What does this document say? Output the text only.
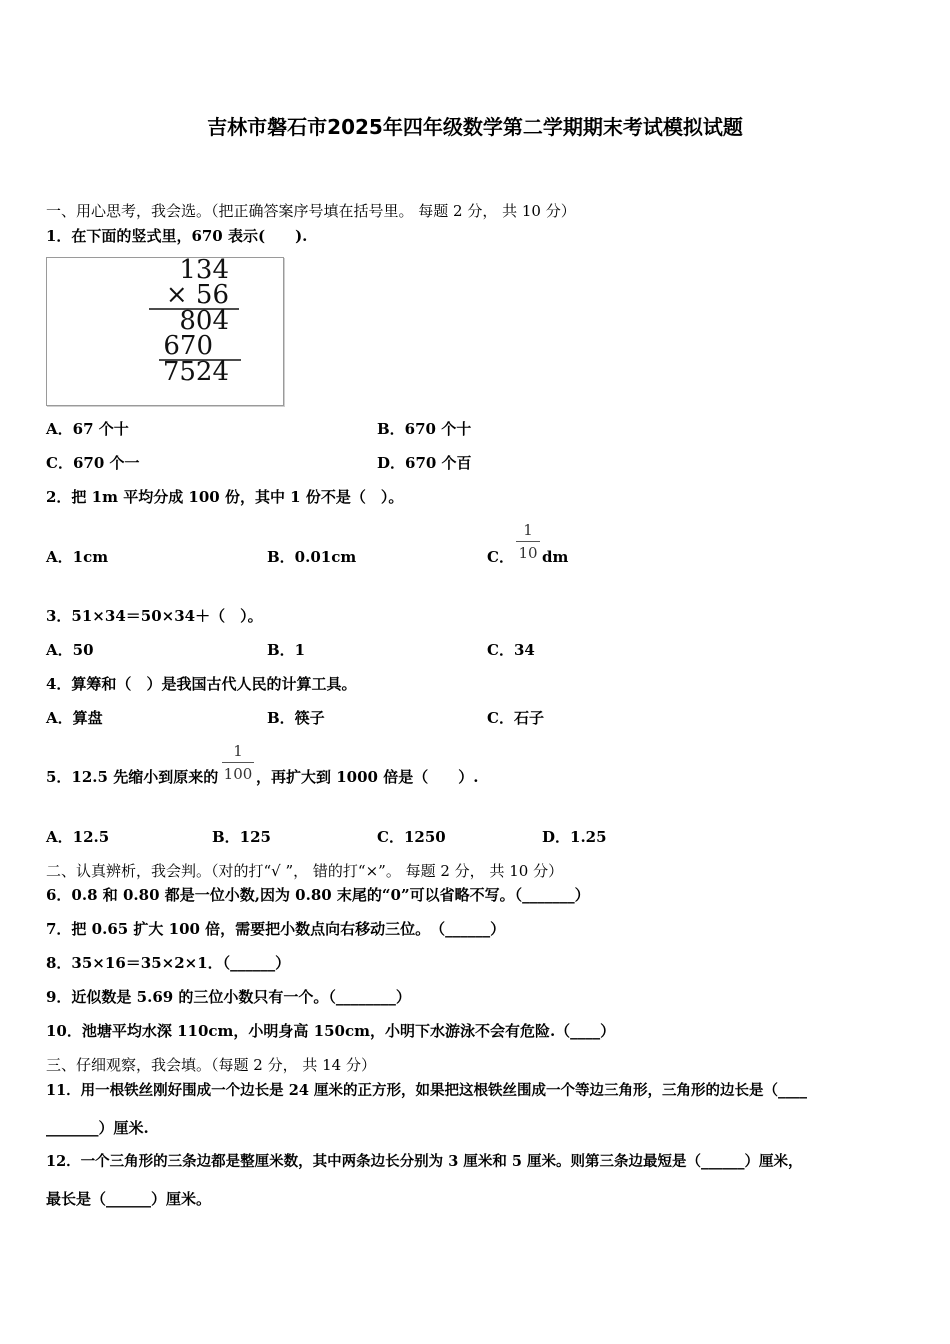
吉林市磐石市2025年四年级数学第二学期期末考试模拟试题
一、用心思考，我会选。（把正确答案序号填在括号里。 每题 2 分， 共 10 分）
1．在下面的竖式里，670 表示(　　).
134
× 56
804
670
7524
A．67 个十	B．670 个十
C．670 个一	D．670 个百
2．把 1m 平均分成 100 份，其中 1 份不是（　）。
A．1cm	B．0.01cm	C．
1
10 dm
3．51×34＝50×34＋（　）。
A．50	B．1	C．34
4．算筹和（　）是我国古代人民的计算工具。
A．算盘	B．筷子	C．石子
5．12.5 先缩小到原来的
1
100 ，再扩大到 1000 倍是（　　）.
A．12.5	B．125	C．1250	D．1.25
二、认真辨析，我会判。（对的打“√ ”， 错的打“×”。 每题 2 分， 共 10 分）
6．0.8 和 0.80 都是一位小数,因为 0.80 末尾的“0”可以省略不写。（_______）
7．把 0.65 扩大 100 倍，需要把小数点向右移动三位。　（______）
8．35×16＝35×2×1．（______）
9．近似数是 5.69 的三位小数只有一个。（________）
10．池塘平均水深 110cm，小明身高 150cm，小明下水游泳不会有危险.（____）
三、仔细观察，我会填。（每题 2 分， 共 14 分）
11．用一根铁丝刚好围成一个边长是 24 厘米的正方形，如果把这根铁丝围成一个等边三角形，三角形的边长是（____
_______）厘米.
12．一个三角形的三条边都是整厘米数，其中两条边长分别为 3 厘米和 5 厘米。则第三条边最短是（______）厘米，
最长是（______）厘米。
